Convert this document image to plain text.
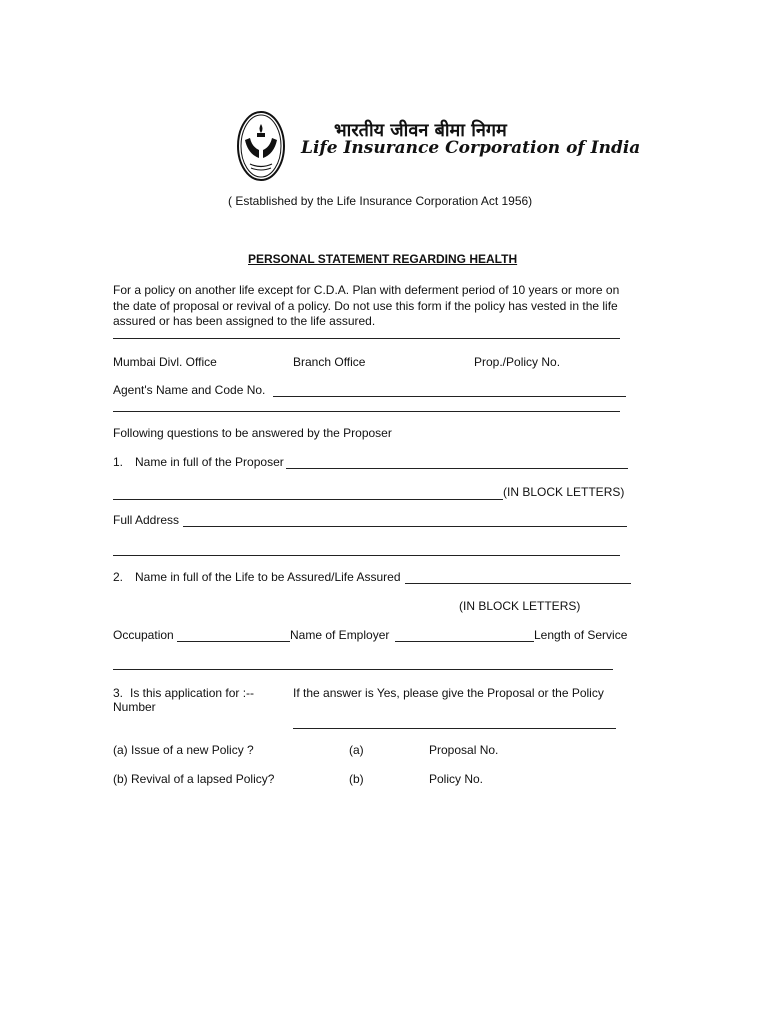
भारतीय जीवन बीमा निगम
Life Insurance Corporation of India
( Established by the Life Insurance Corporation Act 1956)
PERSONAL STATEMENT REGARDING HEALTH
For a policy on another life except for C.D.A. Plan with deferment period of 10 years or more on
the date of proposal or revival of a policy. Do not use this form if the policy has vested in the life
assured or has been assigned to the life assured.
Mumbai Divl. Office	Branch Office	Prop./Policy No.
Agent's Name and Code No.
Following questions to be answered by the Proposer
1. Name in full of the Proposer
(IN BLOCK LETTERS)
Full Address
2. Name in full of the Life to be Assured/Life Assured
(IN BLOCK LETTERS)
Occupation	Name of Employer	Length of Service
3. Is this application for :--	If the answer is Yes, please give the Proposal or the Policy
Number
(a) Issue of a new Policy ?	(a)	Proposal No.
(b) Revival of a lapsed Policy?	(b)	Policy No.
